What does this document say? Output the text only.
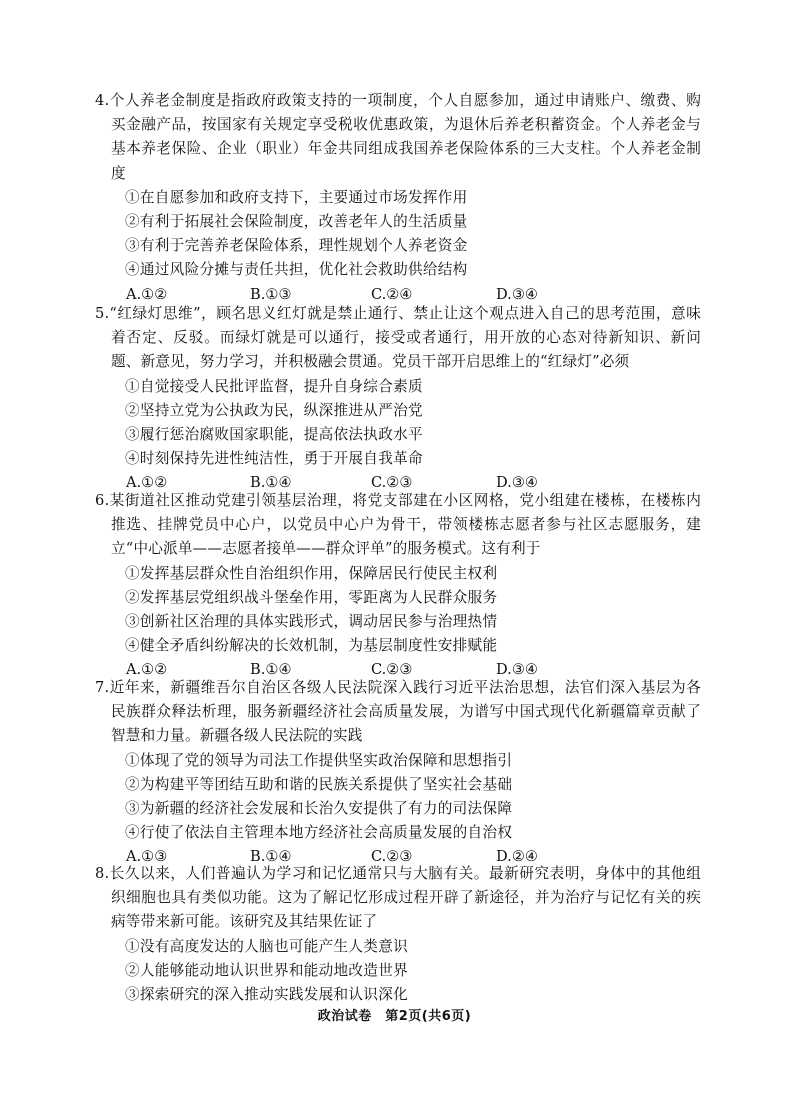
4.个人养老金制度是指政府政策支持的一项制度，个人自愿参加，通过申请账户、缴费、购买金融产品，按国家有关规定享受税收优惠政策，为退休后养老积蓄资金。个人养老金与基本养老保险、企业（职业）年金共同组成我国养老保险体系的三大支柱。个人养老金制度
①在自愿参加和政府支持下，主要通过市场发挥作用
②有利于拓展社会保险制度，改善老年人的生活质量
③有利于完善养老保险体系，理性规划个人养老资金
④通过风险分摊与责任共担，优化社会救助供给结构
A.①②	B.①③	C.②④	D.③④
5.“红绿灯思维”，顾名思义红灯就是禁止通行、禁止让这个观点进入自己的思考范围，意味着否定、反驳。而绿灯就是可以通行，接受或者通行，用开放的心态对待新知识、新问题、新意见，努力学习，并积极融会贯通。党员干部开启思维上的“红绿灯”必须
①自觉接受人民批评监督，提升自身综合素质
②坚持立党为公执政为民，纵深推进从严治党
③履行惩治腐败国家职能，提高依法执政水平
④时刻保持先进性纯洁性，勇于开展自我革命
A.①②	B.①④	C.②③	D.③④
6.某街道社区推动党建引领基层治理，将党支部建在小区网格，党小组建在楼栋，在楼栋内推选、挂牌党员中心户，以党员中心户为骨干，带领楼栋志愿者参与社区志愿服务，建立“中心派单——志愿者接单——群众评单”的服务模式。这有利于
①发挥基层群众性自治组织作用，保障居民行使民主权利
②发挥基层党组织战斗堡垒作用，零距离为人民群众服务
③创新社区治理的具体实践形式，调动居民参与治理热情
④健全矛盾纠纷解决的长效机制，为基层制度性安排赋能
A.①②	B.①④	C.②③	D.③④
7.近年来，新疆维吾尔自治区各级人民法院深入践行习近平法治思想，法官们深入基层为各民族群众释法析理，服务新疆经济社会高质量发展，为谱写中国式现代化新疆篇章贡献了智慧和力量。新疆各级人民法院的实践
①体现了党的领导为司法工作提供坚实政治保障和思想指引
②为构建平等团结互助和谐的民族关系提供了坚实社会基础
③为新疆的经济社会发展和长治久安提供了有力的司法保障
④行使了依法自主管理本地方经济社会高质量发展的自治权
A.①③	B.①④	C.②③	D.②④
8.长久以来，人们普遍认为学习和记忆通常只与大脑有关。最新研究表明，身体中的其他组织细胞也具有类似功能。这为了解记忆形成过程开辟了新途径，并为治疗与记忆有关的疾病等带来新可能。该研究及其结果佐证了
①没有高度发达的人脑也可能产生人类意识
②人能够能动地认识世界和能动地改造世界
③探索研究的深入推动实践发展和认识深化
政治试卷　第2页(共6页)
